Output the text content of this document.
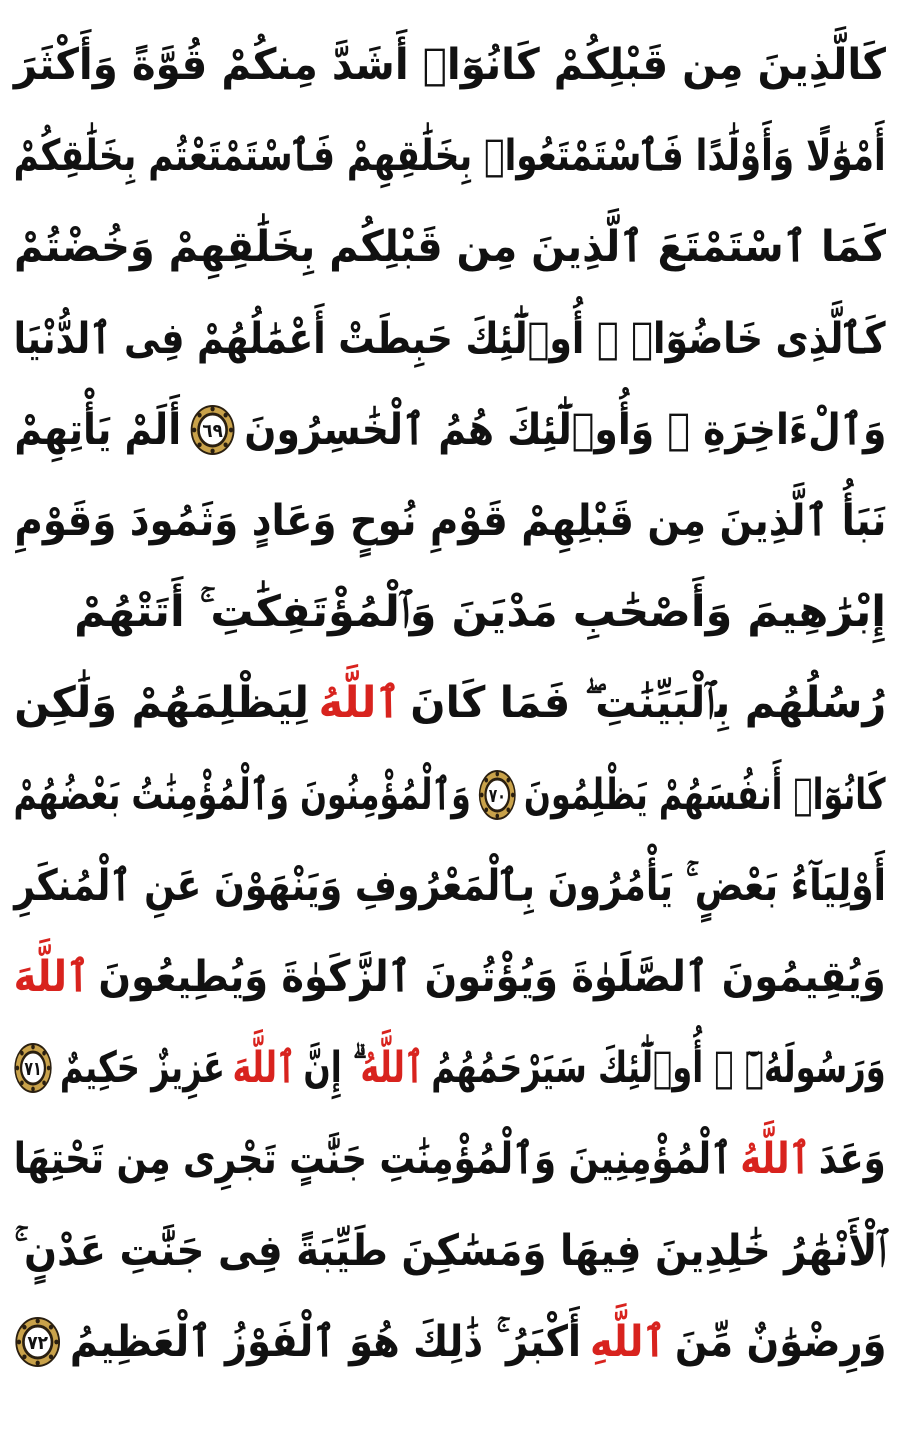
كَالَّذِينَ مِن قَبْلِكُمْ كَانُوٓا۟ أَشَدَّ مِنكُمْ قُوَّةً وَأَكْثَرَ
أَمْوَٰلًا وَأَوْلَٰدًا فَٱسْتَمْتَعُوا۟ بِخَلَٰقِهِمْ فَٱسْتَمْتَعْتُم بِخَلَٰقِكُمْ
كَمَا ٱسْتَمْتَعَ ٱلَّذِينَ مِن قَبْلِكُم بِخَلَٰقِهِمْ وَخُضْتُمْ
كَٱلَّذِى خَاضُوٓا۟ ۚ أُو۟لَٰٓئِكَ حَبِطَتْ أَعْمَٰلُهُمْ فِى ٱلدُّنْيَا
وَٱلْءَاخِرَةِ ۖ وَأُو۟لَٰٓئِكَ هُمُ ٱلْخَٰسِرُونَ
٦٩
أَلَمْ يَأْتِهِمْ
نَبَأُ ٱلَّذِينَ مِن قَبْلِهِمْ قَوْمِ نُوحٍ وَعَادٍ وَثَمُودَ وَقَوْمِ
إِبْرَٰهِيمَ وَأَصْحَٰبِ مَدْيَنَ وَٱلْمُؤْتَفِكَٰتِ ۚ أَتَتْهُمْ
رُسُلُهُم بِٱلْبَيِّنَٰتِ ۖ فَمَا كَانَ
ٱللَّهُ
لِيَظْلِمَهُمْ وَلَٰكِن
كَانُوٓا۟ أَنفُسَهُمْ يَظْلِمُونَ
٧٠
وَٱلْمُؤْمِنُونَ وَٱلْمُؤْمِنَٰتُ بَعْضُهُمْ
أَوْلِيَآءُ بَعْضٍ ۚ يَأْمُرُونَ بِٱلْمَعْرُوفِ وَيَنْهَوْنَ عَنِ ٱلْمُنكَرِ
وَيُقِيمُونَ ٱلصَّلَوٰةَ وَيُؤْتُونَ ٱلزَّكَوٰةَ وَيُطِيعُونَ
ٱللَّهَ
وَرَسُولَهُۥٓ ۚ أُو۟لَٰٓئِكَ سَيَرْحَمُهُمُ
ٱللَّهُ
ۗ إِنَّ
ٱللَّهَ
عَزِيزٌ حَكِيمٌ
٧١
وَعَدَ
ٱللَّهُ
ٱلْمُؤْمِنِينَ وَٱلْمُؤْمِنَٰتِ جَنَّٰتٍ تَجْرِى مِن تَحْتِهَا
ٱلْأَنْهَٰرُ خَٰلِدِينَ فِيهَا وَمَسَٰكِنَ طَيِّبَةً فِى جَنَّٰتِ عَدْنٍ ۚ
وَرِضْوَٰنٌ مِّنَ
ٱللَّهِ
أَكْبَرُ ۚ ذَٰلِكَ هُوَ ٱلْفَوْزُ ٱلْعَظِيمُ
٧٢
